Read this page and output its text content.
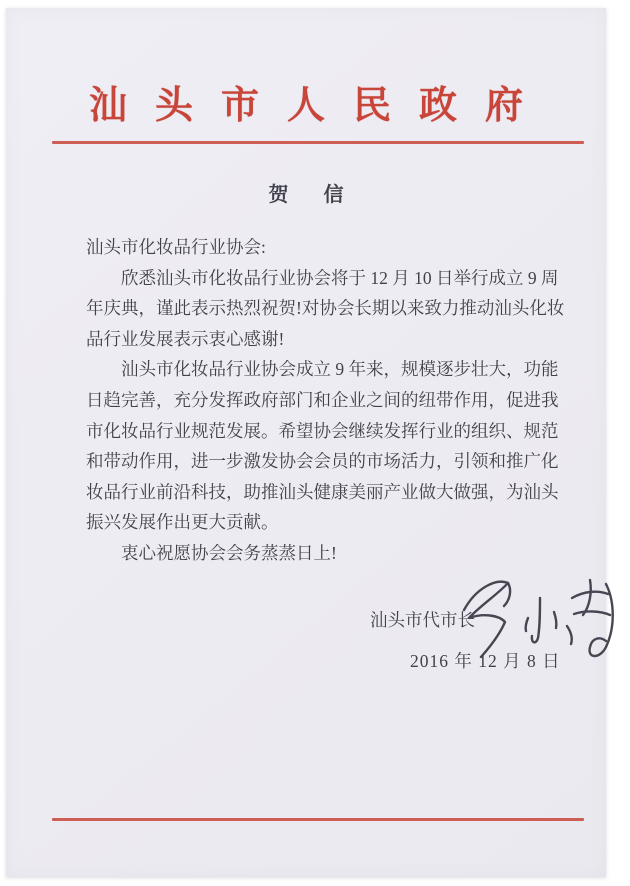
汕头市人民政府
贺 信

汕头市化妆品行业协会:

欣悉汕头市化妆品行业协会将于 12 月 10 日举行成立 9 周

年庆典，谨此表示热烈祝贺!对协会长期以来致力推动汕头化妆

品行业发展表示衷心感谢!

汕头市化妆品行业协会成立 9 年来，规模逐步壮大，功能

日趋完善，充分发挥政府部门和企业之间的纽带作用，促进我

市化妆品行业规范发展。希望协会继续发挥行业的组织、规范

和带动作用，进一步激发协会会员的市场活力，引领和推广化

妆品行业前沿科技，助推汕头健康美丽产业做大做强，为汕头

振兴发展作出更大贡献。

衷心祝愿协会会务蒸蒸日上!

汕头市代市长
2016 年 12 月 8 日
